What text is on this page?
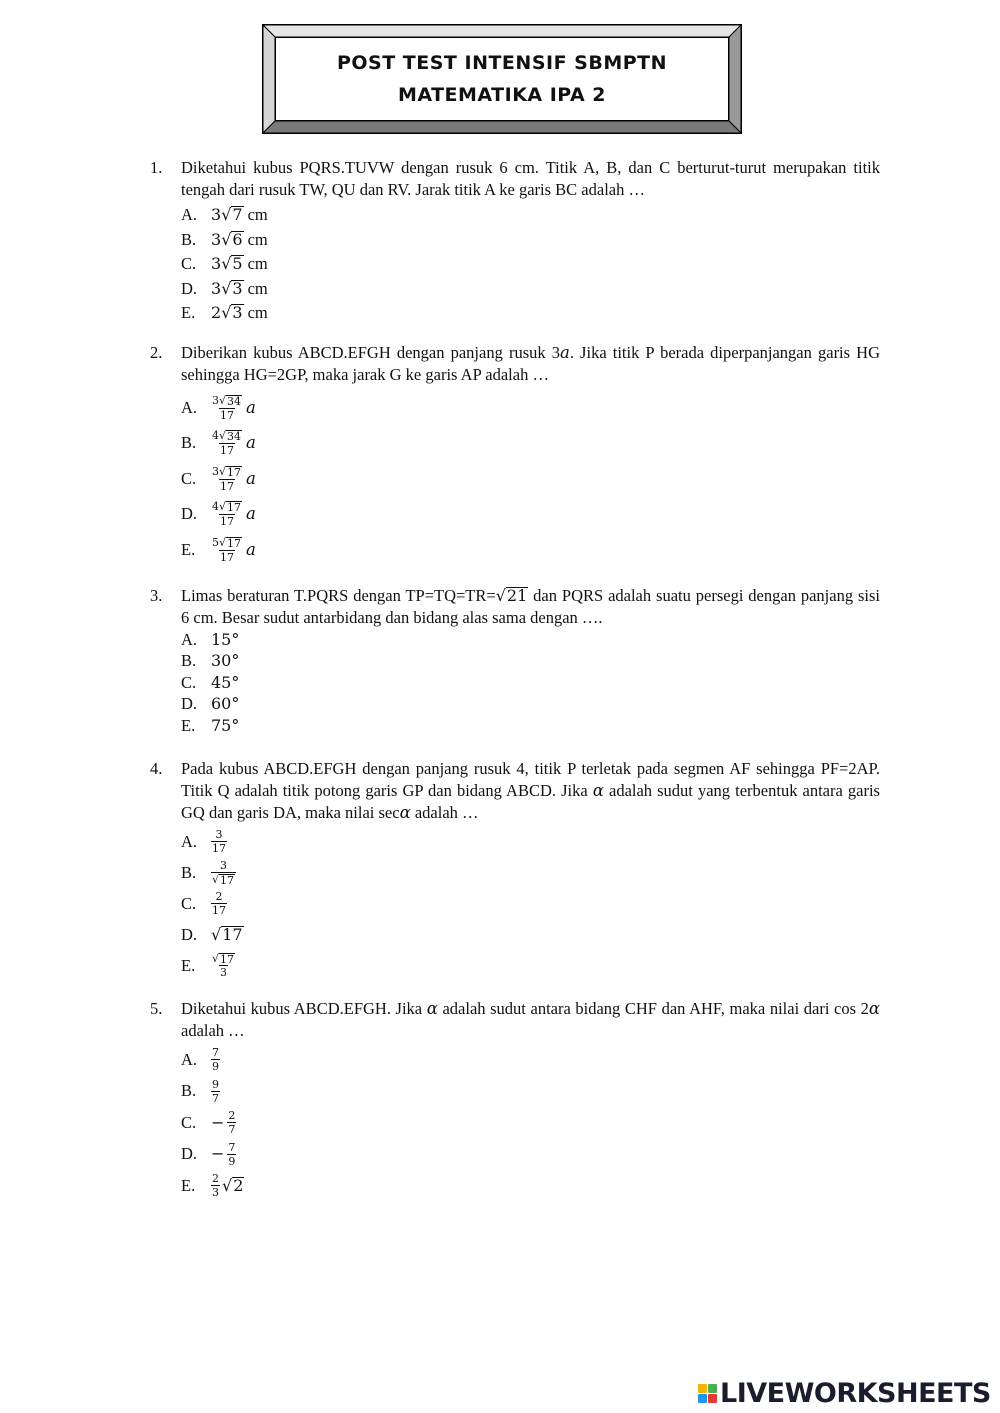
POST TEST INTENSIF SBMPTN
MATEMATIKA IPA 2
1. Diketahui kubus PQRS.TUVW dengan rusuk 6 cm. Titik A, B, dan C berturut-turut merupakan titik tengah dari rusuk TW, QU dan RV. Jarak titik A ke garis BC adalah …
A. 3√ 7 cm
B. 3√ 6 cm
C. 3√ 5 cm
D. 3√ 3 cm
E. 2√ 3 cm
2. Diberikan kubus ABCD.EFGH dengan panjang rusuk 3a. Jika titik P berada diperpanjangan garis HG sehingga HG=2GP, maka jarak G ke garis AP adalah …
A.	$\frac{3√ 34}{17}$ a
B.	$\frac{4√ 34}{17}$ a
C.	$\frac{3√ 17}{17}$ a
D.	$\frac{4√ 17}{17}$ a
E.	$\frac{5√ 17}{17}$ a
3. Limas beraturan T.PQRS dengan TP=TQ=TR=√ 21 dan PQRS adalah suatu persegi dengan panjang sisi 6 cm. Besar sudut antarbidang dan bidang alas sama dengan ….
A. 15°
B. 30°
C. 45°
D. 60°
E. 75°
4. Pada kubus ABCD.EFGH dengan panjang rusuk 4, titik P terletak pada segmen AF sehingga PF=2AP. Titik Q adalah titik potong garis GP dan bidang ABCD. Jika α adalah sudut yang terbentuk antara garis GQ dan garis DA, maka nilai secα adalah …
A.	$\frac{3}{17}$
B.	$\frac{3}{√ 17}$
C.	$\frac{2}{17}$
D. √ 17
E.	$\frac{√ 17}{3}$
5. Diketahui kubus ABCD.EFGH. Jika α adalah sudut antara bidang CHF dan AHF, maka nilai dari cos 2α adalah …
A.	$\frac{7}{9}$
B.	$\frac{9}{7}$
C. − $\frac{2}{7}$
D. − $\frac{7}{9}$
E.	$\frac{2}{3}$ √ 2
LIVEWORKSHEETS
